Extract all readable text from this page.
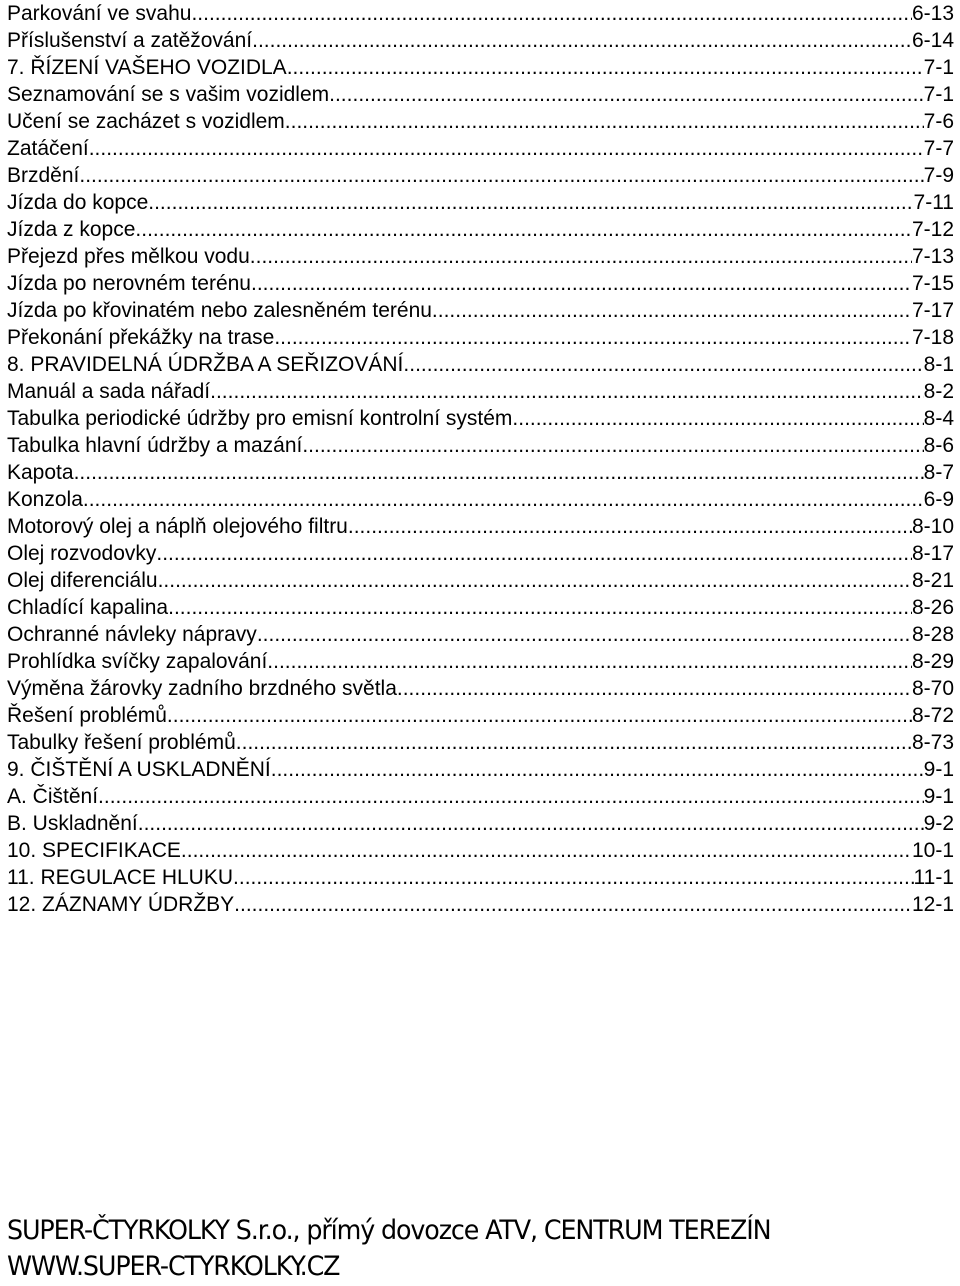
Parkování ve svahu .....	6-13
Příslušenství a zatěžování. .....	6-14
7. ŘÍZENÍ VAŠEHO VOZIDLA .....	7-1
Seznamování se s vašim vozidlem .....	7-1
Učení se zacházet s vozidlem .....	7-6
Zatáčení .....	7-7
Brzdění .....	7-9
Jízda do kopce .....	7-11
Jízda z kopce .....	7-12
Přejezd přes mělkou vodu .....	7-13
Jízda po nerovném terénu .....	7-15
Jízda po křovinatém nebo zalesněném terénu .....	7-17
Překonání překážky na trase .....	7-18
8. PRAVIDELNÁ ÚDRŽBA A SEŘIZOVÁNÍ .....	8-1
Manuál a sada nářadí .....	8-2
Tabulka periodické údržby pro emisní kontrolní systém .....	8-4
Tabulka hlavní údržby a mazání .....	8-6
Kapota .....	8-7
Konzola .....	6-9
Motorový olej a náplň olejového filtru .....	8-10
Olej rozvodovky .....	8-17
Olej diferenciálu .....	8-21
Chladící kapalina .....	8-26
Ochranné návleky nápravy .....	8-28
Prohlídka svíčky zapalování .....	8-29
Výměna žárovky zadního brzdného světla .....	8-70
Řešení problémů .....	8-72
Tabulky řešení problémů .....	8-73
9. ČIŠTĚNÍ A USKLADNĚNÍ .....	9-1
A. Čištění .....	9-1
B. Uskladnění .....	9-2
10. SPECIFIKACE .....	10-1
11. REGULACE HLUKU .....	11-1
12. ZÁZNAMY ÚDRŽBY .....	12-1
SUPER-ČTYRKOLKY S.r.o., přímý dovozce ATV, CENTRUM TEREZÍN
WWW.SUPER-CTYRKOLKY.CZ
